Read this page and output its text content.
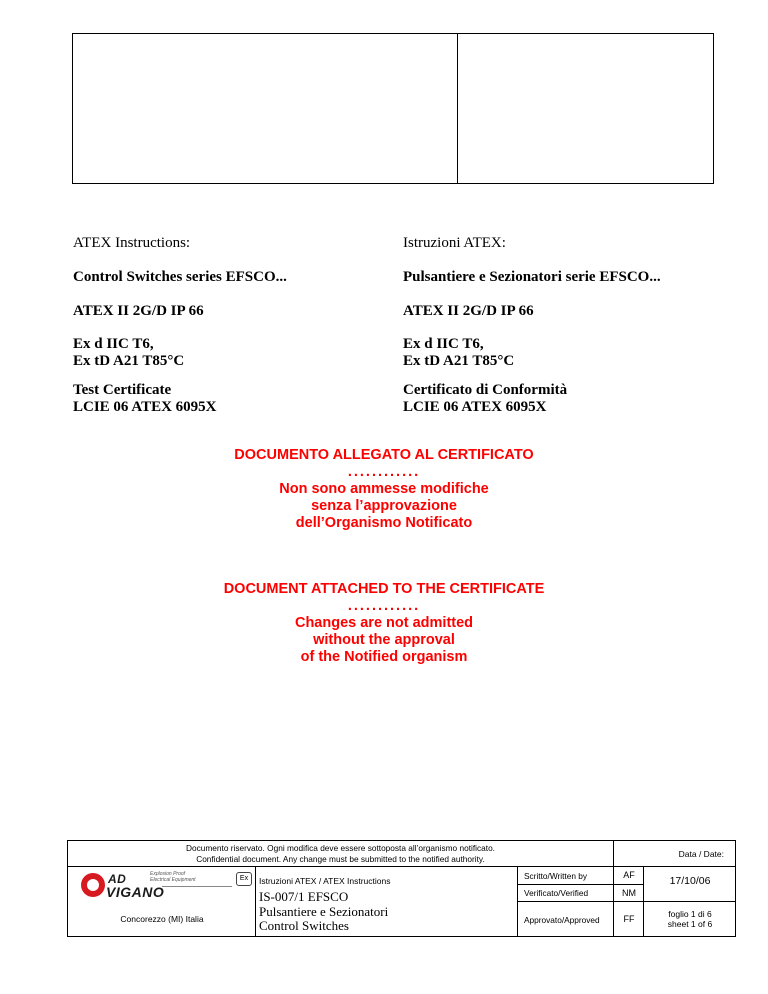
ATEX Instructions:
Control Switches series EFSCO...
ATEX II 2G/D IP 66
Ex d IIC T6,
Ex tD A21 T85°C
Test Certificate
LCIE 06 ATEX 6095X
Istruzioni ATEX:
Pulsantiere e Sezionatori serie EFSCO...
ATEX II 2G/D IP 66
Ex d IIC T6,
Ex tD A21 T85°C
Certificato di Conformità
LCIE 06 ATEX 6095X
DOCUMENTO ALLEGATO AL CERTIFICATO
............
Non sono ammesse modifiche
senza l’approvazione
dell’Organismo Notificato
DOCUMENT ATTACHED TO THE CERTIFICATE
............
Changes are not admitted
without the approval
of the Notified organism
Documento riservato. Ogni modifica deve essere sottoposta all’organismo notificato.
Confidential document. Any change must be submitted to the notified authority.	Data / Date:
AD
VIGANO
Explosion Proof
Electrical Equipment	Ex
Concorezzo (MI) Italia
Istruzioni ATEX / ATEX Instructions
IS-007/1 EFSCO
Pulsantiere e Sezionatori
Control Switches
Scritto/Written by
Verificato/Verified
Approvato/Approved
AF
NM
FF
17/10/06
foglio 1 di 6
sheet 1 of 6
